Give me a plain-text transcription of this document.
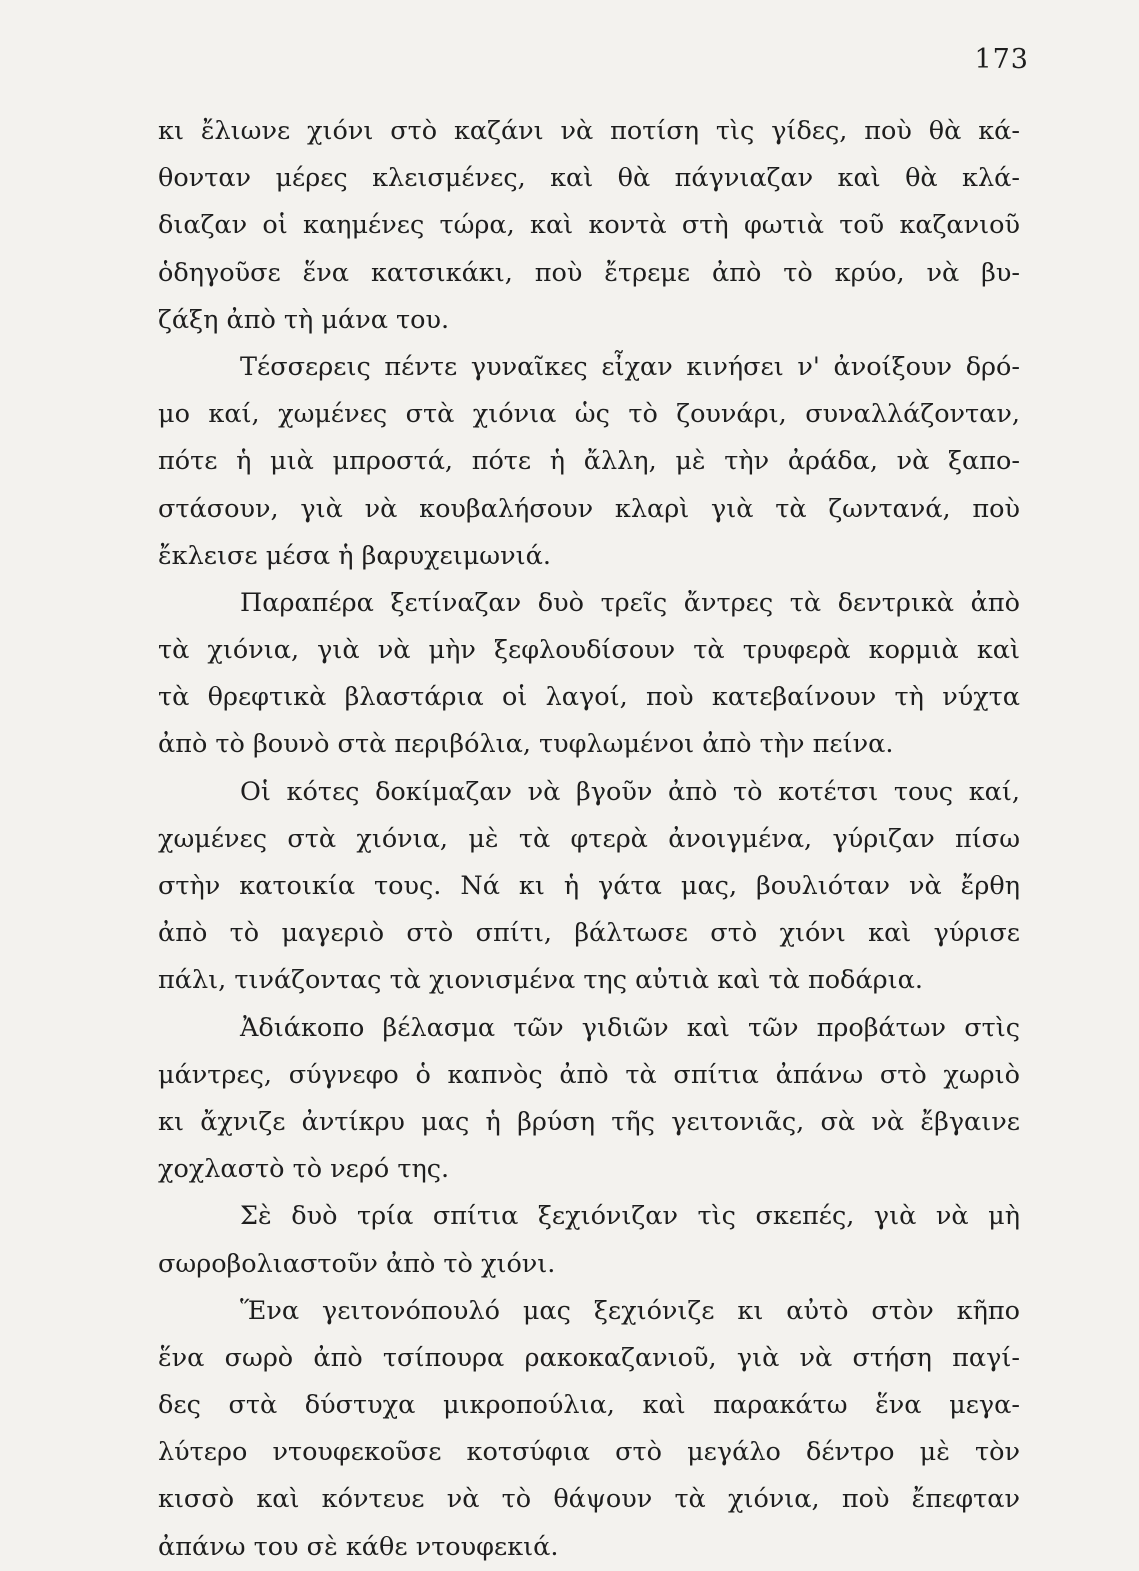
173
κι ἔλιωνε χιόνι στὸ καζάνι νὰ ποτίση τὶς γίδες, ποὺ θὰ κά-
θονταν μέρες κλεισμένες, καὶ θὰ πάγνιαζαν καὶ θὰ κλά-
διαζαν οἱ καημένες τώρα, καὶ κοντὰ στὴ φωτιὰ τοῦ καζανιοῦ
ὁδηγοῦσε ἕνα κατσικάκι, ποὺ ἔτρεμε ἀπὸ τὸ κρύο, νὰ βυ-
ζάξη ἀπὸ τὴ μάνα του.
Τέσσερεις πέντε γυναῖκες εἶχαν κινήσει ν' ἀνοίξουν δρό-
μο καί, χωμένες στὰ χιόνια ὡς τὸ ζουνάρι, συναλλάζονταν,
πότε ἡ μιὰ μπροστά, πότε ἡ ἄλλη, μὲ τὴν ἀράδα, νὰ ξαπο-
στάσουν, γιὰ νὰ κουβαλήσουν κλαρὶ γιὰ τὰ ζωντανά, ποὺ
ἔκλεισε μέσα ἡ βαρυχειμωνιά.
Παραπέρα ξετίναζαν δυὸ τρεῖς ἄντρες τὰ δεντρικὰ ἀπὸ
τὰ χιόνια, γιὰ νὰ μὴν ξεφλουδίσουν τὰ τρυφερὰ κορμιὰ καὶ
τὰ θρεφτικὰ βλαστάρια οἱ λαγοί, ποὺ κατεβαίνουν τὴ νύχτα
ἀπὸ τὸ βουνὸ στὰ περιβόλια, τυφλωμένοι ἀπὸ τὴν πείνα.
Οἱ κότες δοκίμαζαν νὰ βγοῦν ἀπὸ τὸ κοτέτσι τους καί,
χωμένες στὰ χιόνια, μὲ τὰ φτερὰ ἀνοιγμένα, γύριζαν πίσω
στὴν κατοικία τους. Νά κι ἡ γάτα μας, βουλιόταν νὰ ἔρθη
ἀπὸ τὸ μαγεριὸ στὸ σπίτι, βάλτωσε στὸ χιόνι καὶ γύρισε
πάλι, τινάζοντας τὰ χιονισμένα της αὐτιὰ καὶ τὰ ποδάρια.
Ἀδιάκοπο βέλασμα τῶν γιδιῶν καὶ τῶν προβάτων στὶς
μάντρες, σύγνεφο ὁ καπνὸς ἀπὸ τὰ σπίτια ἀπάνω στὸ χωριὸ
κι ἄχνιζε ἀντίκρυ μας ἡ βρύση τῆς γειτονιᾶς, σὰ νὰ ἔβγαινε
χοχλαστὸ τὸ νερό της.
Σὲ δυὸ τρία σπίτια ξεχιόνιζαν τὶς σκεπές, γιὰ νὰ μὴ
σωροβολιαστοῦν ἀπὸ τὸ χιόνι.
Ἕνα γειτονόπουλό μας ξεχιόνιζε κι αὐτὸ στὸν κῆπο
ἕνα σωρὸ ἀπὸ τσίπουρα ρακοκαζανιοῦ, γιὰ νὰ στήση παγί-
δες στὰ δύστυχα μικροπούλια, καὶ παρακάτω ἕνα μεγα-
λύτερο ντουφεκοῦσε κοτσύφια στὸ μεγάλο δέντρο μὲ τὸν
κισσὸ καὶ κόντευε νὰ τὸ θάψουν τὰ χιόνια, ποὺ ἔπεφταν
ἀπάνω του σὲ κάθε ντουφεκιά.
